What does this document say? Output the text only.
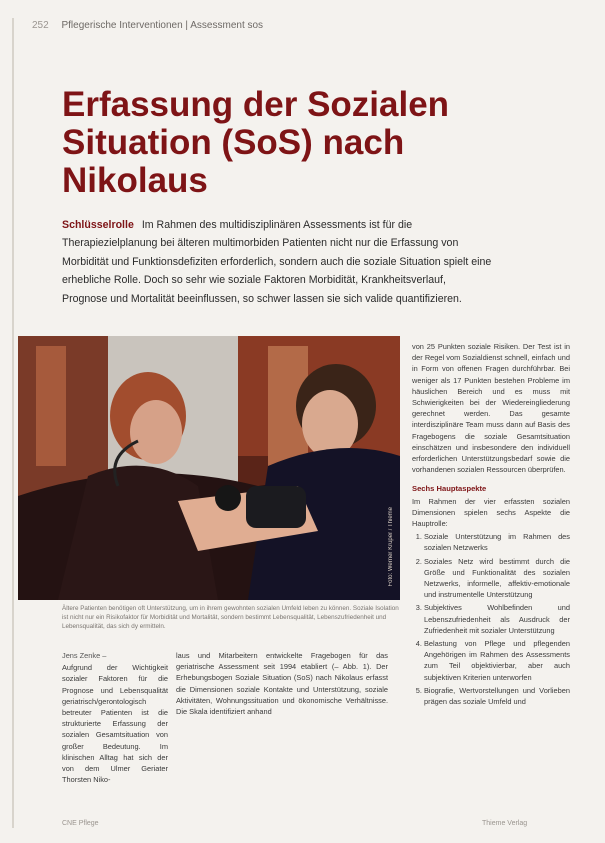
252 Pflegerische Interventionen | Assessment sos
Erfassung der Sozialen Situation (SoS) nach Nikolaus

Schlüsselrolle Im Rahmen des multidisziplinären Assessments ist für die Therapiezielplanung bei älteren multimorbiden Patienten nicht nur die Erfassung von Morbidität und Funktionsdefiziten erforderlich, sondern auch die soziale Situation spielt eine erhebliche Rolle. Doch so sehr wie soziale Faktoren Morbidität, Krankheitsverlauf, Prognose und Mortalität beeinflussen, so schwer lassen sie sich valide quantifizieren.

Foto: Werner Krüper / Thieme

Ältere Patienten benötigen oft Unterstützung, um in ihrem gewohnten sozialen Umfeld leben zu können. Soziale Isolation ist nicht nur ein Risikofaktor für Morbidität und Mortalität, sondern bestimmt Lebensqualität, Lebenszufriedenheit und Lebensqualität, das sich dy ermitteln.

Jens Zenke –

Aufgrund der Wichtigkeit sozialer Faktoren für die Prognose und Lebensqualität geriatrisch/gerontologisch betreuter Patienten ist die strukturierte Erfassung der sozialen Gesamtsituation von großer Bedeutung. Im klinischen Alltag hat sich der von dem Ulmer Geriater Thorsten Niko-

laus und Mitarbeitern entwickelte Fragebogen für das geriatrische Assessment seit 1994 etabliert (– Abb. 1). Der Erhebungsbogen Soziale Situation (SoS) nach Nikolaus erfasst die Dimensionen soziale Kontakte und Unterstützung, soziale Aktivitäten, Wohnungssituation und ökonomische Verhältnisse. Die Skala identifiziert anhand

von 25 Punkten soziale Risiken. Der Test ist in der Regel vom Sozialdienst schnell, einfach und in Form von offenen Fragen durchführbar. Bei weniger als 17 Punkten bestehen Probleme im häuslichen Bereich und es muss mit Schwierigkeiten bei der Wiedereingliederung gerechnet werden. Das gesamte interdisziplinäre Team muss dann auf Basis des Fragebogens die soziale Gesamtsituation einschätzen und insbesondere den individuell erforderlichen Unterstützungsbedarf sowie die vorhandenen sozialen Ressourcen überprüfen.

Sechs Hauptaspekte

Im Rahmen der vier erfassten sozialen Dimensionen spielen sechs Aspekte die Hauptrolle:

1. Soziale Unterstützung im Rahmen des sozialen Netzwerks
2. Soziales Netz wird bestimmt durch die Größe und Funktionalität des sozialen Netzwerks, informelle, affektiv-emotionale und instrumentelle Unterstützung
3. Subjektives Wohlbefinden und Lebenszufriedenheit als Ausdruck der Zufriedenheit mit sozialer Unterstützung
4. Belastung von Pflege und pflegenden Angehörigen im Rahmen des Assessments zum Teil objektivierbar, aber auch subjektiven Kriterien unterworfen
5. Biografie, Wertvorstellungen und Vorlieben prägen das soziale Umfeld und
CNE Pflege	Thieme Verlag
